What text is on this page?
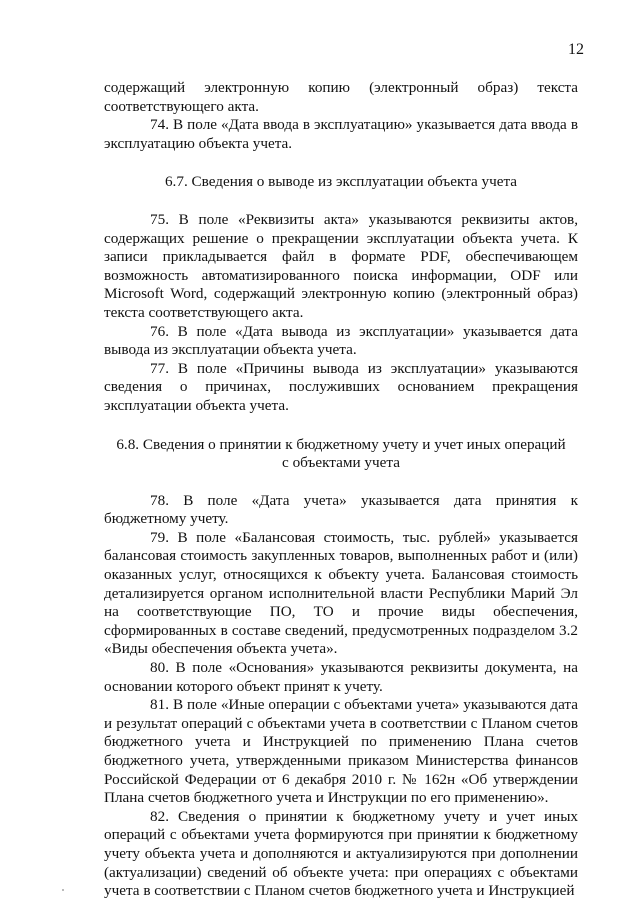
12

содержащий электронную копию (электронный образ) текста соответствующего акта.

74. В поле «Дата ввода в эксплуатацию» указывается дата ввода в эксплуатацию объекта учета.

6.7. Сведения о выводе из эксплуатации объекта учета

75. В поле «Реквизиты акта» указываются реквизиты актов, содержащих решение о прекращении эксплуатации объекта учета. К записи прикладывается файл в формате PDF, обеспечивающем возможность автоматизированного поиска информации, ODF или Microsoft Word, содержащий электронную копию (электронный образ) текста соответствующего акта.

76. В поле «Дата вывода из эксплуатации» указывается дата вывода из эксплуатации объекта учета.

77. В поле «Причины вывода из эксплуатации» указываются сведения о причинах, послуживших основанием прекращения эксплуатации объекта учета.

6.8. Сведения о принятии к бюджетному учету и учет иных операций
с объектами учета

78. В поле «Дата учета» указывается дата принятия к бюджетному учету.

79. В поле «Балансовая стоимость, тыс. рублей» указывается балансовая стоимость закупленных товаров, выполненных работ и (или) оказанных услуг, относящихся к объекту учета. Балансовая стоимость детализируется органом исполнительной власти Республики Марий Эл на соответствующие ПО, ТО и прочие виды обеспечения, сформированных в составе сведений, предусмотренных подразделом 3.2 «Виды обеспечения объекта учета».

80. В поле «Основания» указываются реквизиты документа, на основании которого объект принят к учету.

81. В поле «Иные операции с объектами учета» указываются дата и результат операций с объектами учета в соответствии с Планом счетов бюджетного учета и Инструкцией по применению Плана счетов бюджетного учета, утвержденными приказом Министерства финансов Российской Федерации от 6 декабря 2010 г. № 162н «Об утверждении Плана счетов бюджетного учета и Инструкции по его применению».

82. Сведения о принятии к бюджетному учету и учет иных операций с объектами учета формируются при принятии к бюджетному учету объекта учета и дополняются и актуализируются при дополнении (актуализации) сведений об объекте учета: при операциях с объектами учета в соответствии с Планом счетов бюджетного учета и Инструкцией
